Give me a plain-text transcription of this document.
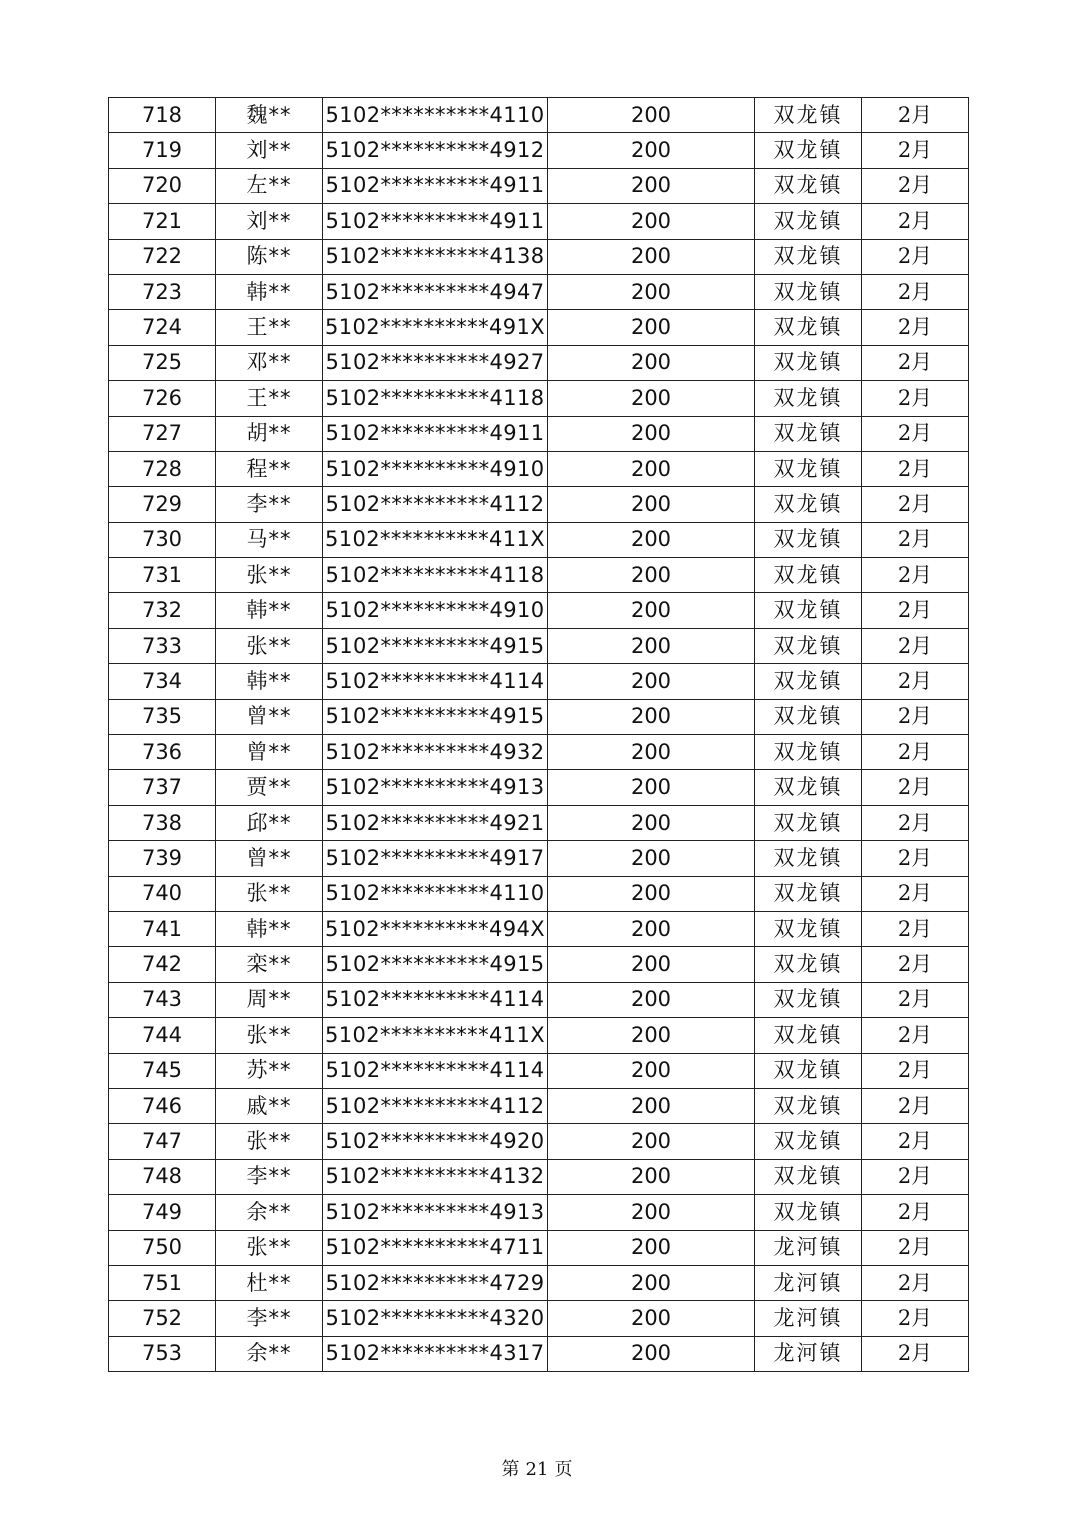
718	魏**	5102**********4110	200	双龙镇	2月
719	刘**	5102**********4912	200	双龙镇	2月
720	左**	5102**********4911	200	双龙镇	2月
721	刘**	5102**********4911	200	双龙镇	2月
722	陈**	5102**********4138	200	双龙镇	2月
723	韩**	5102**********4947	200	双龙镇	2月
724	王**	5102**********491X	200	双龙镇	2月
725	邓**	5102**********4927	200	双龙镇	2月
726	王**	5102**********4118	200	双龙镇	2月
727	胡**	5102**********4911	200	双龙镇	2月
728	程**	5102**********4910	200	双龙镇	2月
729	李**	5102**********4112	200	双龙镇	2月
730	马**	5102**********411X	200	双龙镇	2月
731	张**	5102**********4118	200	双龙镇	2月
732	韩**	5102**********4910	200	双龙镇	2月
733	张**	5102**********4915	200	双龙镇	2月
734	韩**	5102**********4114	200	双龙镇	2月
735	曾**	5102**********4915	200	双龙镇	2月
736	曾**	5102**********4932	200	双龙镇	2月
737	贾**	5102**********4913	200	双龙镇	2月
738	邱**	5102**********4921	200	双龙镇	2月
739	曾**	5102**********4917	200	双龙镇	2月
740	张**	5102**********4110	200	双龙镇	2月
741	韩**	5102**********494X	200	双龙镇	2月
742	栾**	5102**********4915	200	双龙镇	2月
743	周**	5102**********4114	200	双龙镇	2月
744	张**	5102**********411X	200	双龙镇	2月
745	苏**	5102**********4114	200	双龙镇	2月
746	戚**	5102**********4112	200	双龙镇	2月
747	张**	5102**********4920	200	双龙镇	2月
748	李**	5102**********4132	200	双龙镇	2月
749	余**	5102**********4913	200	双龙镇	2月
750	张**	5102**********4711	200	龙河镇	2月
751	杜**	5102**********4729	200	龙河镇	2月
752	李**	5102**********4320	200	龙河镇	2月
753	余**	5102**********4317	200	龙河镇	2月
第 21 页
